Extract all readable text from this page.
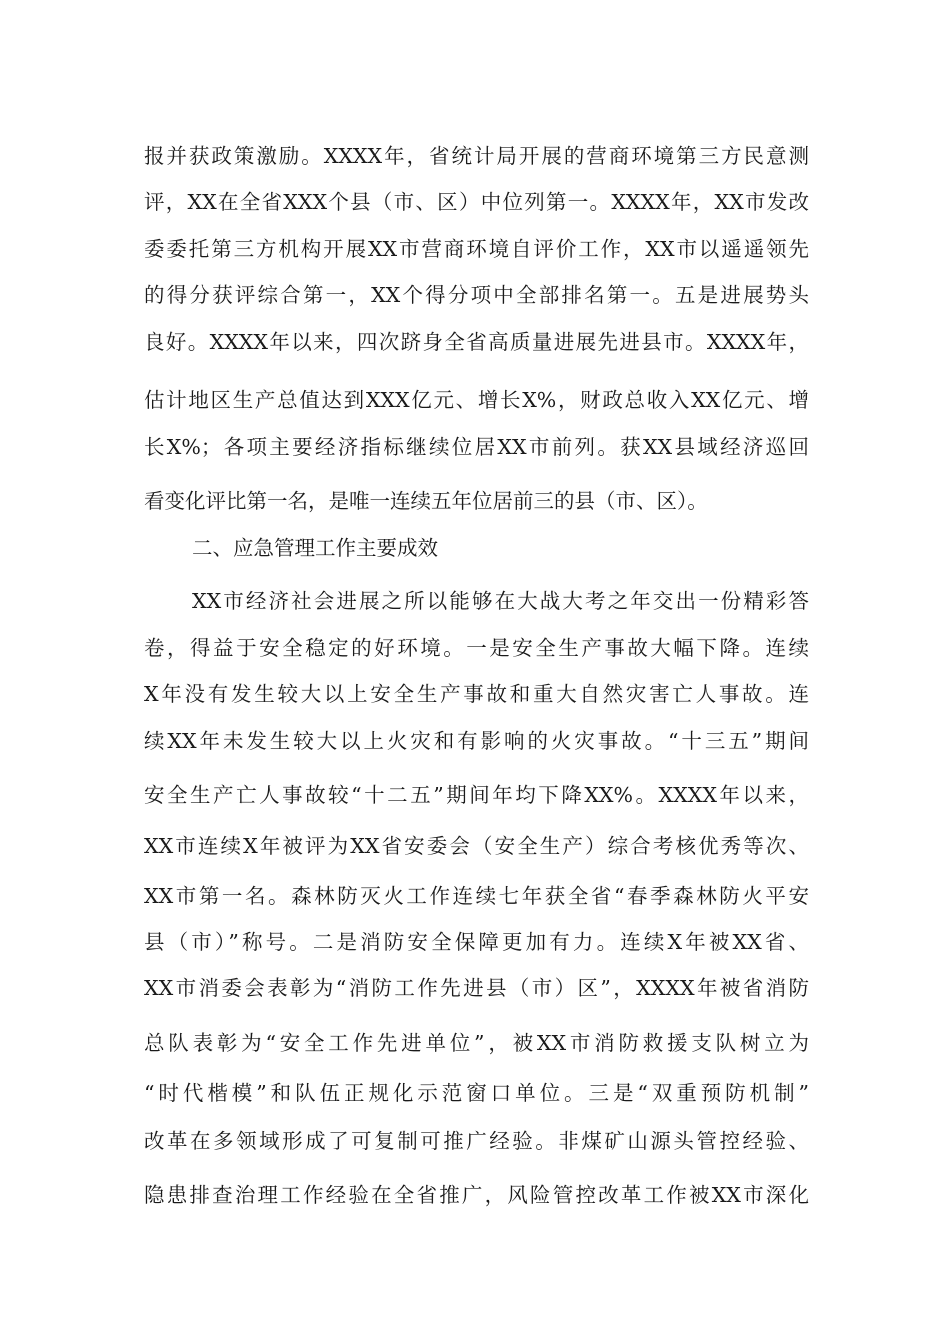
报并获政策激励。XXXX年，省统计局开展的营商环境第三方民意测
评，XX在全省XXX个县（市、区）中位列第一。XXXX年，XX市发改
委委托第三方机构开展XX市营商环境自评价工作，XX市以遥遥领先
的得分获评综合第一，XX个得分项中全部排名第一。五是进展势头
良好。XXXX年以来，四次跻身全省高质量进展先进县市。XXXX年，
估计地区生产总值达到XXX亿元、增长X%，财政总收入XX亿元、增
长X%；各项主要经济指标继续位居XX市前列。获XX县域经济巡回
看变化评比第一名，是唯一连续五年位居前三的县（市、区）。
二、应急管理工作主要成效
XX市经济社会进展之所以能够在大战大考之年交出一份精彩答
卷，得益于安全稳定的好环境。一是安全生产事故大幅下降。连续
X年没有发生较大以上安全生产事故和重大自然灾害亡人事故。连
续XX年未发生较大以上火灾和有影响的火灾事故。“十三五”期间
安全生产亡人事故较“十二五”期间年均下降XX%。XXXX年以来，
XX市连续X年被评为XX省安委会（安全生产）综合考核优秀等次、
XX市第一名。森林防灭火工作连续七年获全省“春季森林防火平安
县（市）”称号。二是消防安全保障更加有力。连续X年被XX省、
XX市消委会表彰为“消防工作先进县（市）区”，XXXX年被省消防
总队表彰为“安全工作先进单位”，被XX市消防救援支队树立为
“时代楷模”和队伍正规化示范窗口单位。三是“双重预防机制”
改革在多领域形成了可复制可推广经验。非煤矿山源头管控经验、
隐患排查治理工作经验在全省推广，风险管控改革工作被XX市深化
